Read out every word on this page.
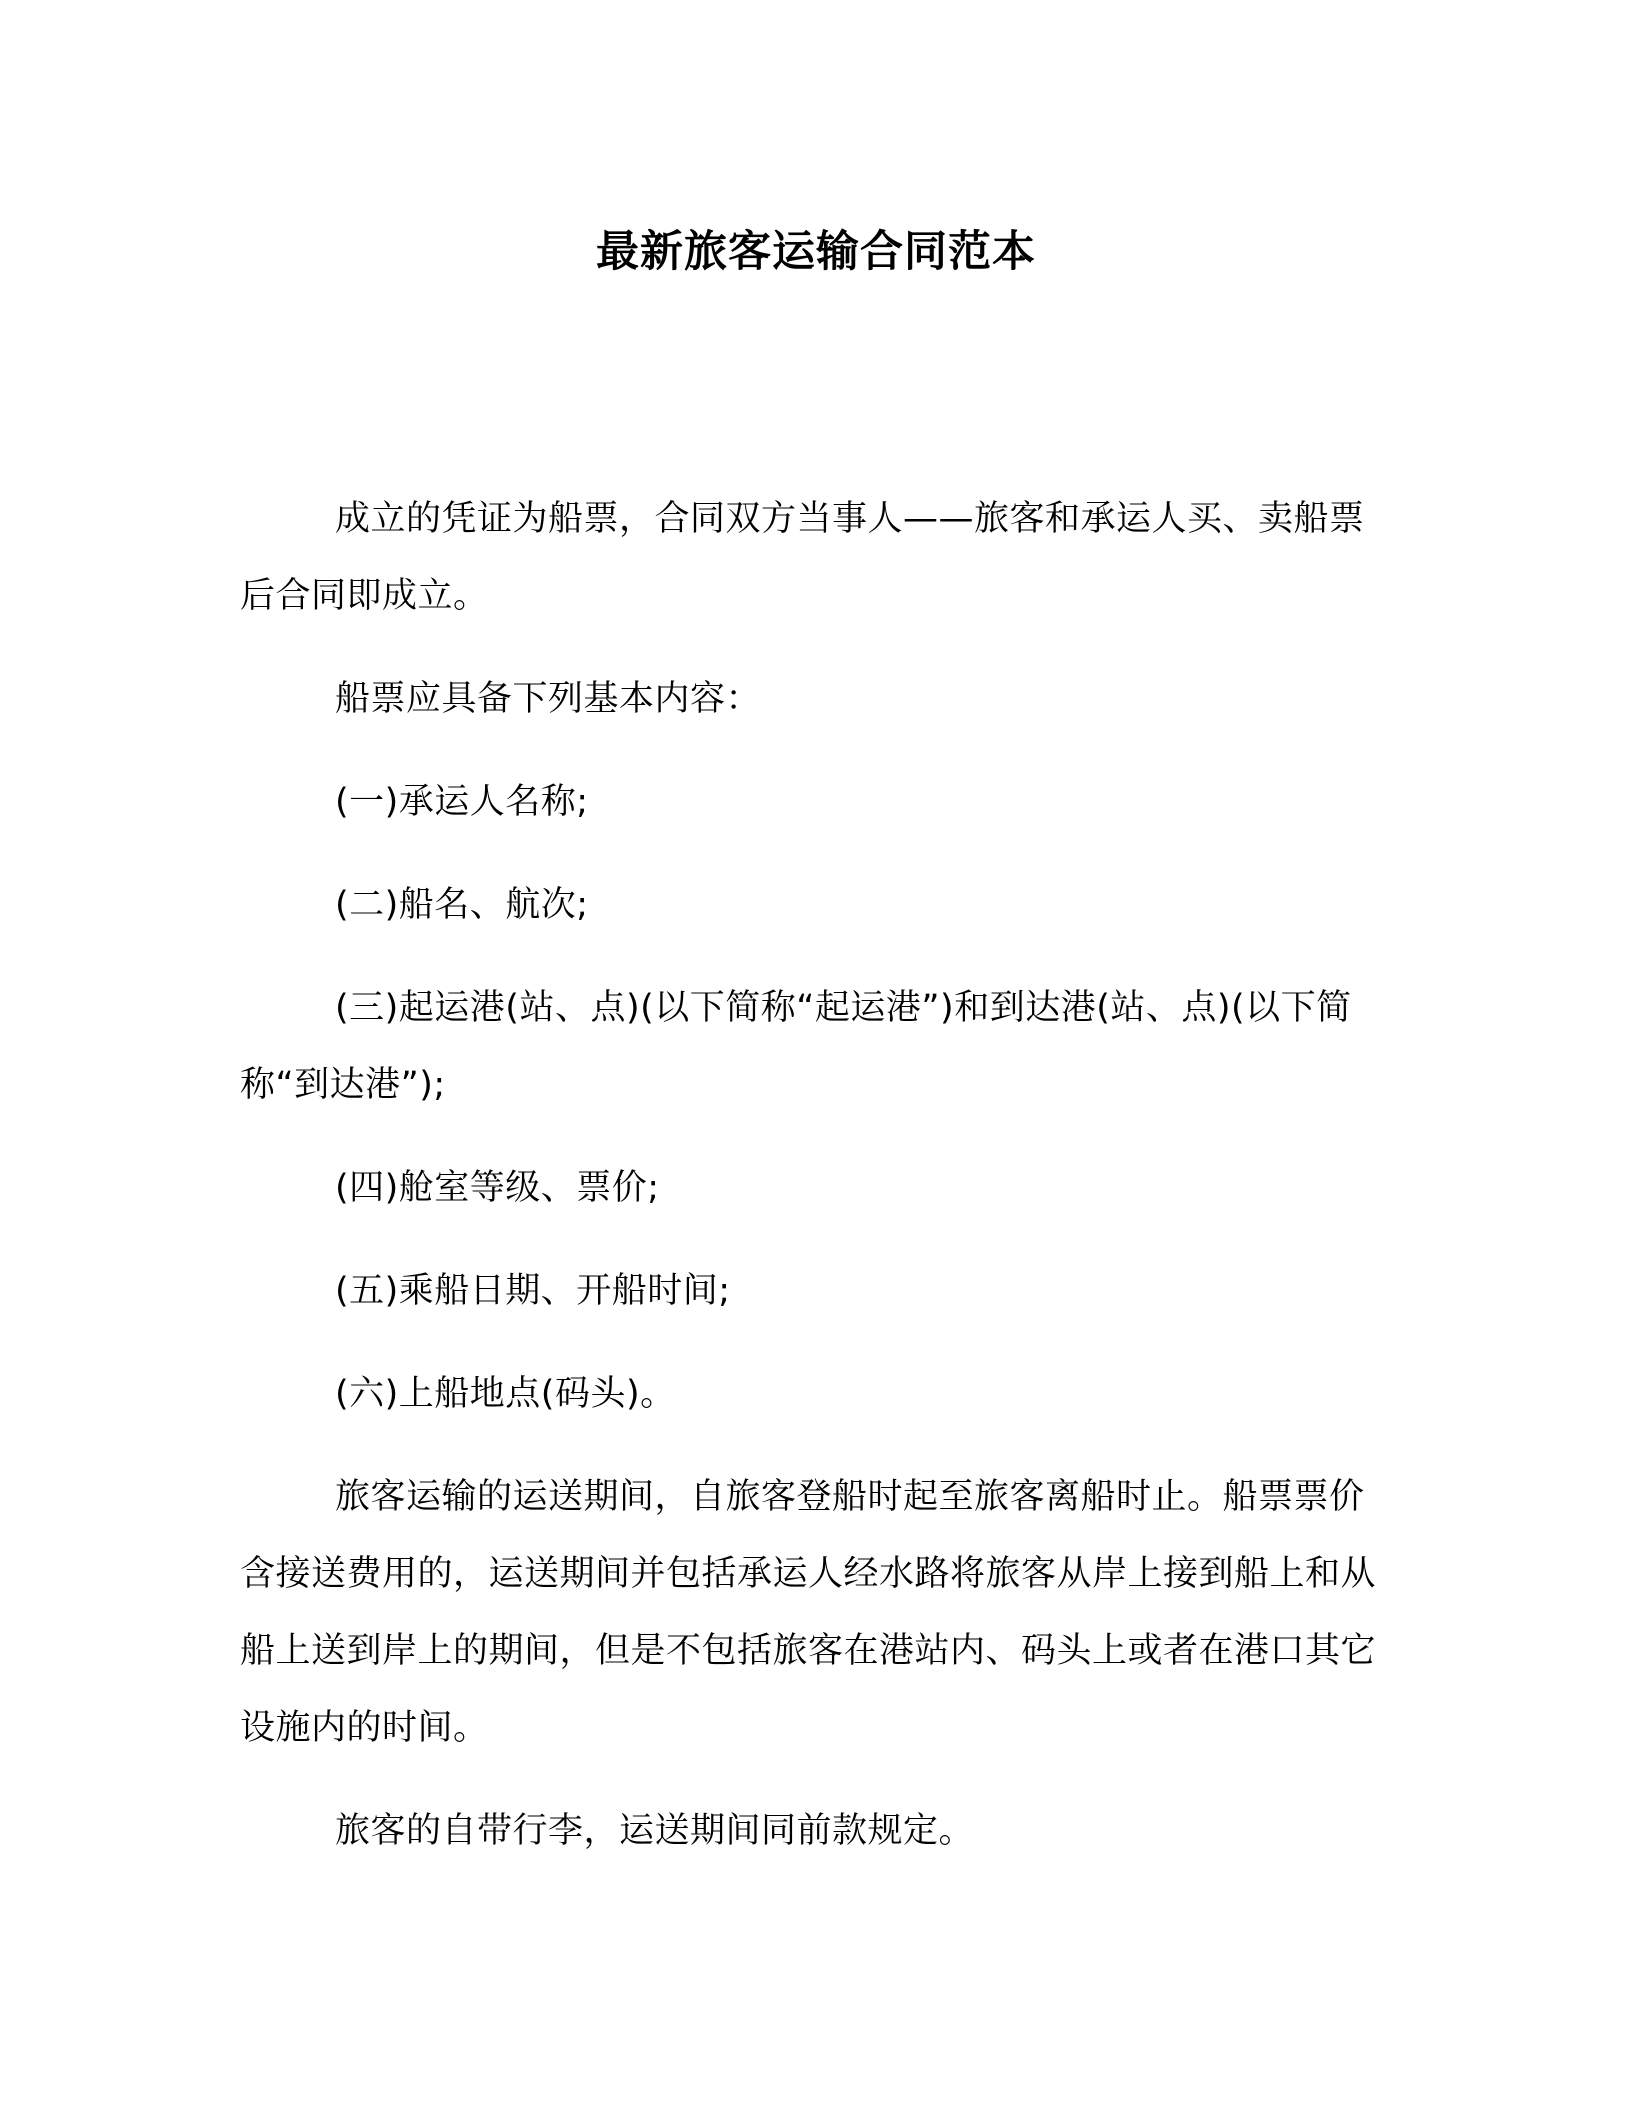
最新旅客运输合同范本

成立的凭证为船票，合同双方当事人——旅客和承运人买、卖船票后合同即成立。

船票应具备下列基本内容：

(一)承运人名称;

(二)船名、航次;

(三)起运港(站、点)(以下简称“起运港”)和到达港(站、点)(以下简称“到达港”);

(四)舱室等级、票价;

(五)乘船日期、开船时间;

(六)上船地点(码头)。

旅客运输的运送期间，自旅客登船时起至旅客离船时止。船票票价含接送费用的，运送期间并包括承运人经水路将旅客从岸上接到船上和从船上送到岸上的期间，但是不包括旅客在港站内、码头上或者在港口其它设施内的时间。

旅客的自带行李，运送期间同前款规定。
